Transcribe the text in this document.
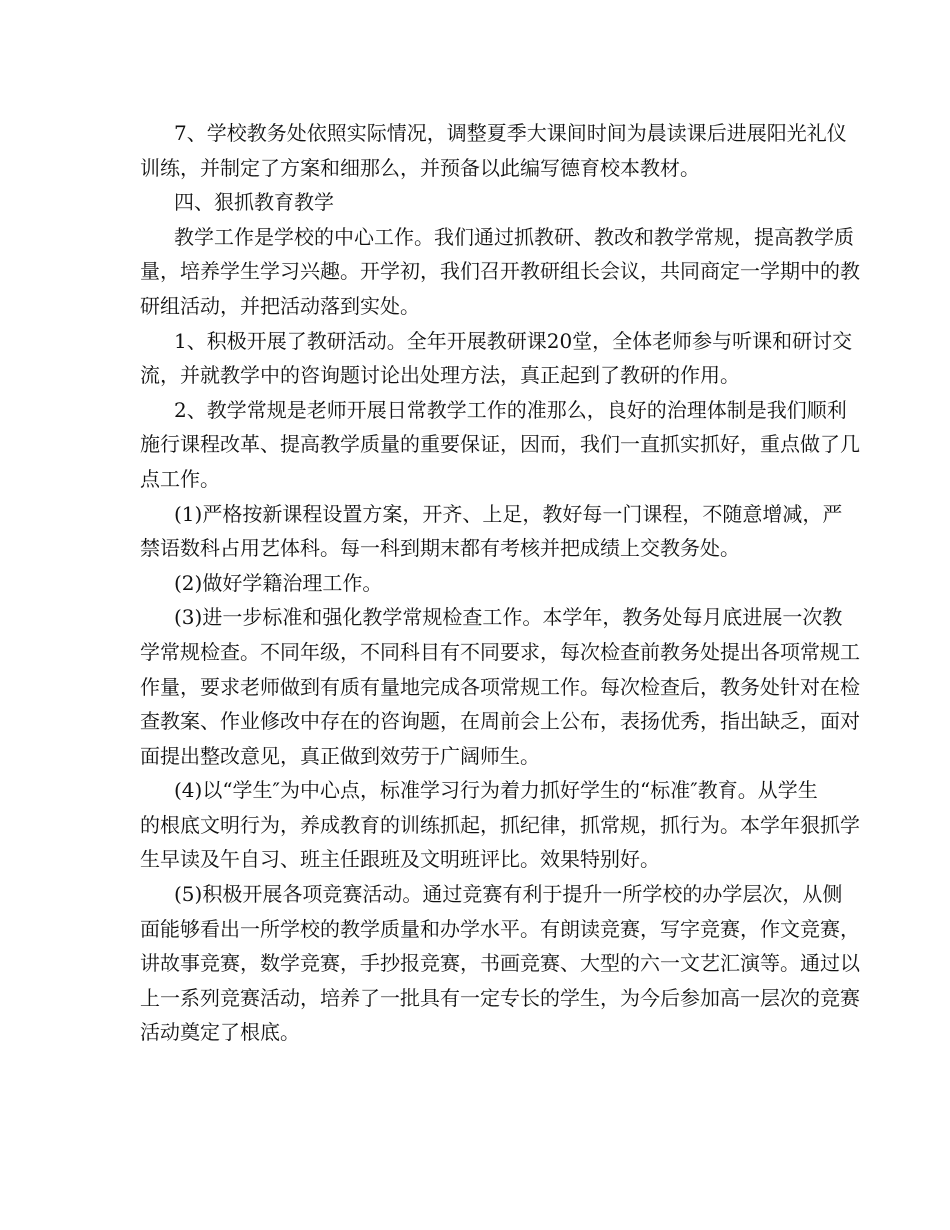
7、学校教务处依照实际情况，调整夏季大课间时间为晨读课后进展阳光礼仪
训练，并制定了方案和细那么，并预备以此编写德育校本教材。
四、狠抓教育教学
教学工作是学校的中心工作。我们通过抓教研、教改和教学常规，提高教学质
量，培养学生学习兴趣。开学初，我们召开教研组长会议，共同商定一学期中的教
研组活动，并把活动落到实处。
1、积极开展了教研活动。全年开展教研课20堂，全体老师参与听课和研讨交
流，并就教学中的咨询题讨论出处理方法，真正起到了教研的作用。
2、教学常规是老师开展日常教学工作的准那么，良好的治理体制是我们顺利
施行课程改革、提高教学质量的重要保证，因而，我们一直抓实抓好，重点做了几
点工作。
(1)严格按新课程设置方案，开齐、上足，教好每一门课程，不随意增减，严
禁语数科占用艺体科。每一科到期末都有考核并把成绩上交教务处。
(2)做好学籍治理工作。
(3)进一步标准和强化教学常规检查工作。本学年，教务处每月底进展一次教
学常规检查。不同年级，不同科目有不同要求，每次检查前教务处提出各项常规工
作量，要求老师做到有质有量地完成各项常规工作。每次检查后，教务处针对在检
查教案、作业修改中存在的咨询题，在周前会上公布，表扬优秀，指出缺乏，面对
面提出整改意见，真正做到效劳于广阔师生。
(4)以“学生″为中心点，标准学习行为着力抓好学生的“标准″教育。从学生
的根底文明行为，养成教育的训练抓起，抓纪律，抓常规，抓行为。本学年狠抓学
生早读及午自习、班主任跟班及文明班评比。效果特别好。
(5)积极开展各项竞赛活动。通过竞赛有利于提升一所学校的办学层次，从侧
面能够看出一所学校的教学质量和办学水平。有朗读竞赛，写字竞赛，作文竞赛，
讲故事竞赛，数学竞赛，手抄报竞赛，书画竞赛、大型的六一文艺汇演等。通过以
上一系列竞赛活动，培养了一批具有一定专长的学生，为今后参加高一层次的竞赛
活动奠定了根底。
